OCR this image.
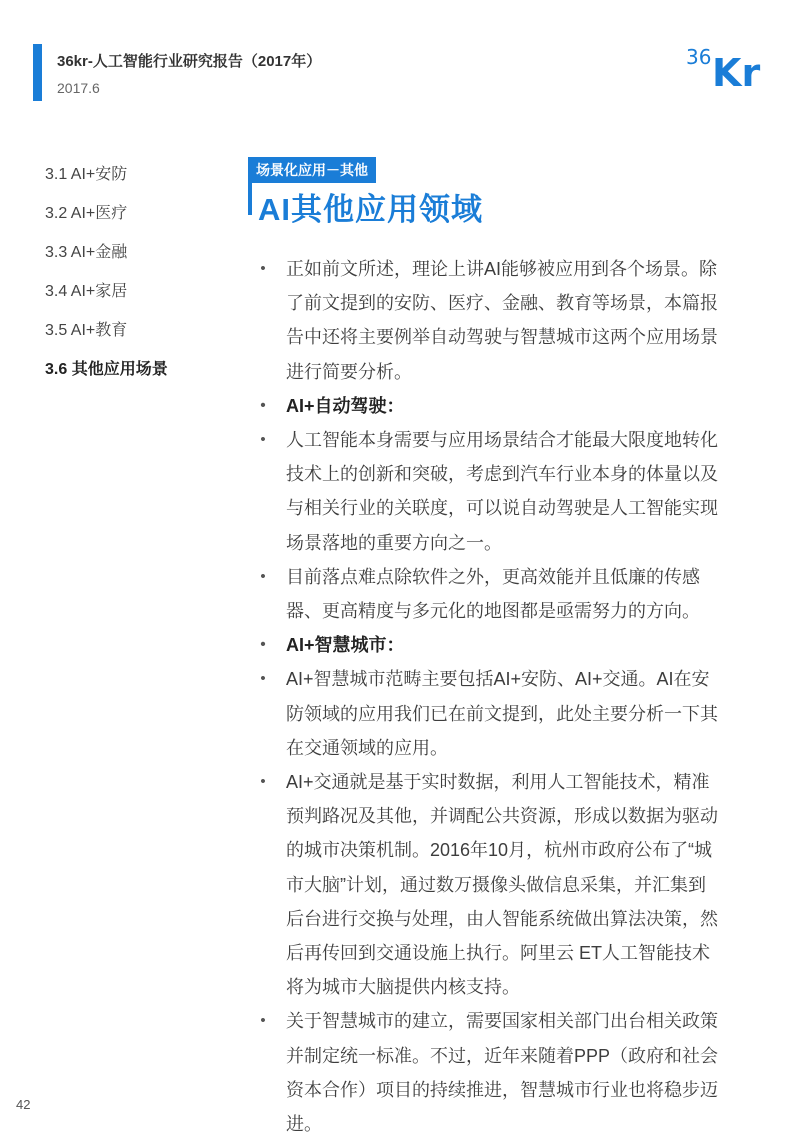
36kr-人工智能行业研究报告（2017年）
2017.6
36 Kr
3.1 AI+安防
3.2 AI+医疗
3.3 AI+金融
3.4 AI+家居
3.5 AI+教育
3.6 其他应用场景
场景化应用－其他
AI其他应用领域
• 正如前文所述，理论上讲AI能够被应用到各个场景。除了前文提到的安防、医疗、金融、教育等场景，本篇报告中还将主要例举自动驾驶与智慧城市这两个应用场景进行简要分析。
• AI+自动驾驶：
• 人工智能本身需要与应用场景结合才能最大限度地转化技术上的创新和突破，考虑到汽车行业本身的体量以及与相关行业的关联度，可以说自动驾驶是人工智能实现场景落地的重要方向之一。
• 目前落点难点除软件之外，更高效能并且低廉的传感器、更高精度与多元化的地图都是亟需努力的方向。
• AI+智慧城市：
• AI+智慧城市范畴主要包括AI+安防、AI+交通。AI在安防领域的应用我们已在前文提到，此处主要分析一下其在交通领域的应用。
• AI+交通就是基于实时数据，利用人工智能技术，精准预判路况及其他，并调配公共资源，形成以数据为驱动的城市决策机制。2016年10月，杭州市政府公布了“城市大脑”计划，通过数万摄像头做信息采集，并汇集到后台进行交换与处理，由人智能系统做出算法决策，然后再传回到交通设施上执行。阿里云 ET人工智能技术将为城市大脑提供内核支持。
• 关于智慧城市的建立，需要国家相关部门出台相关政策并制定统一标准。不过，近年来随着PPP（政府和社会资本合作）项目的持续推进，智慧城市行业也将稳步迈进。
42
